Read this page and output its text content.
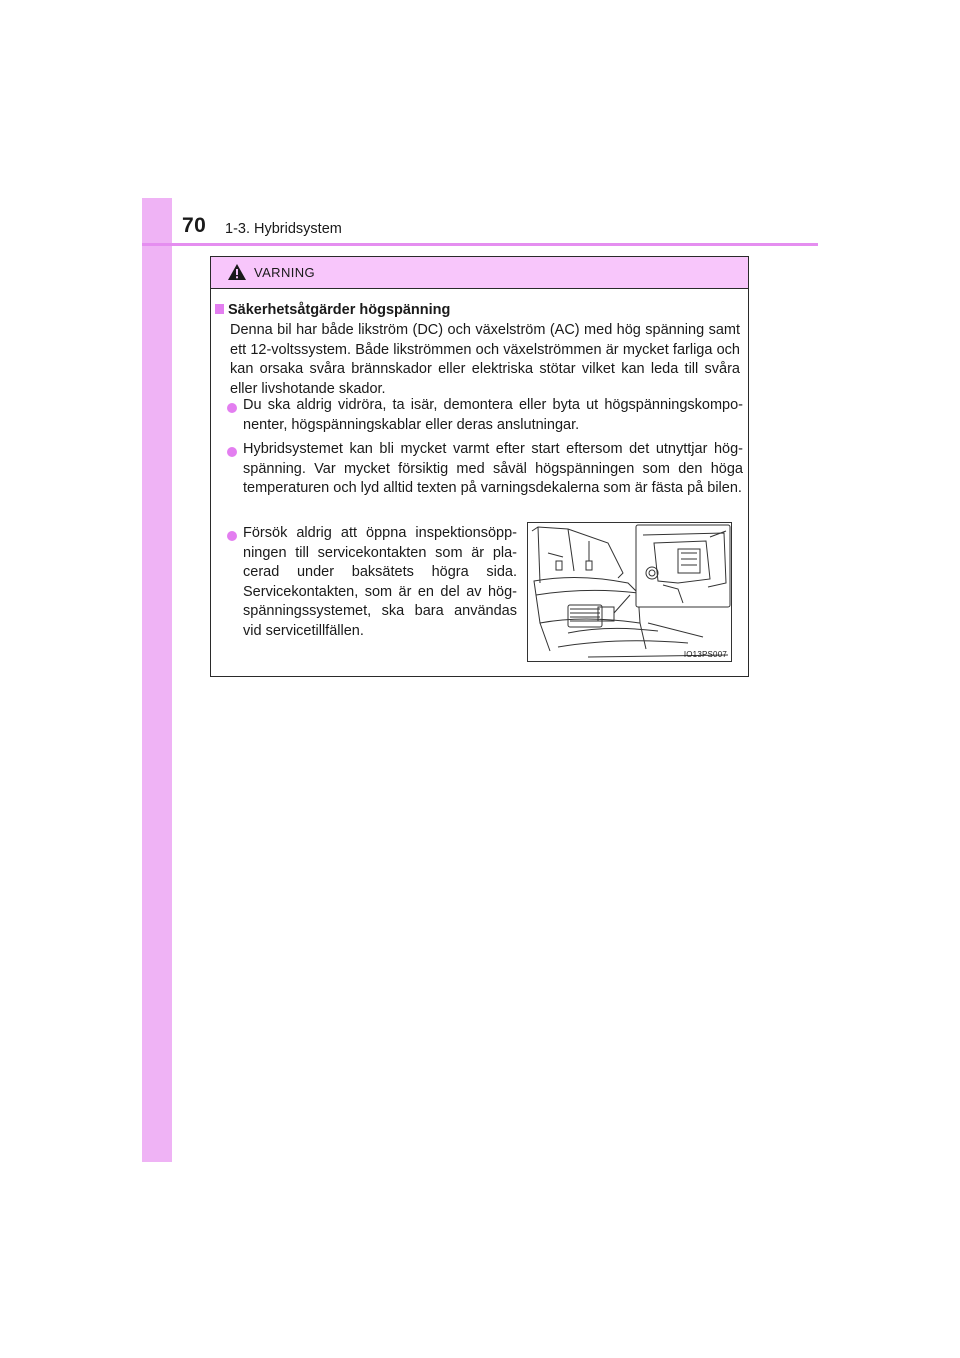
70 1-3. Hybridsystem
VARNING
Säkerhetsåtgärder högspänning
Denna bil har både likström (DC) och växelström (AC) med hög spänning samt ett 12-voltssystem. Både likströmmen och växelströmmen är mycket farliga och kan orsaka svåra brännskador eller elektriska stötar vilket kan leda till svåra eller livshotande skador.
Du ska aldrig vidröra, ta isär, demontera eller byta ut högspänningskompo-nenter, högspänningskablar eller deras anslutningar.
Hybridsystemet kan bli mycket varmt efter start eftersom det utnyttjar hög-spänning. Var mycket försiktig med såväl högspänningen som den höga temperaturen och lyd alltid texten på varningsdekalerna som är fästa på bilen.
Försök aldrig att öppna inspektionsöpp-ningen till servicekontakten som är pla-cerad under baksätets högra sida. Servicekontakten, som är en del av hög-spänningssystemet, ska bara användas vid servicetillfällen.
IO13PS007
